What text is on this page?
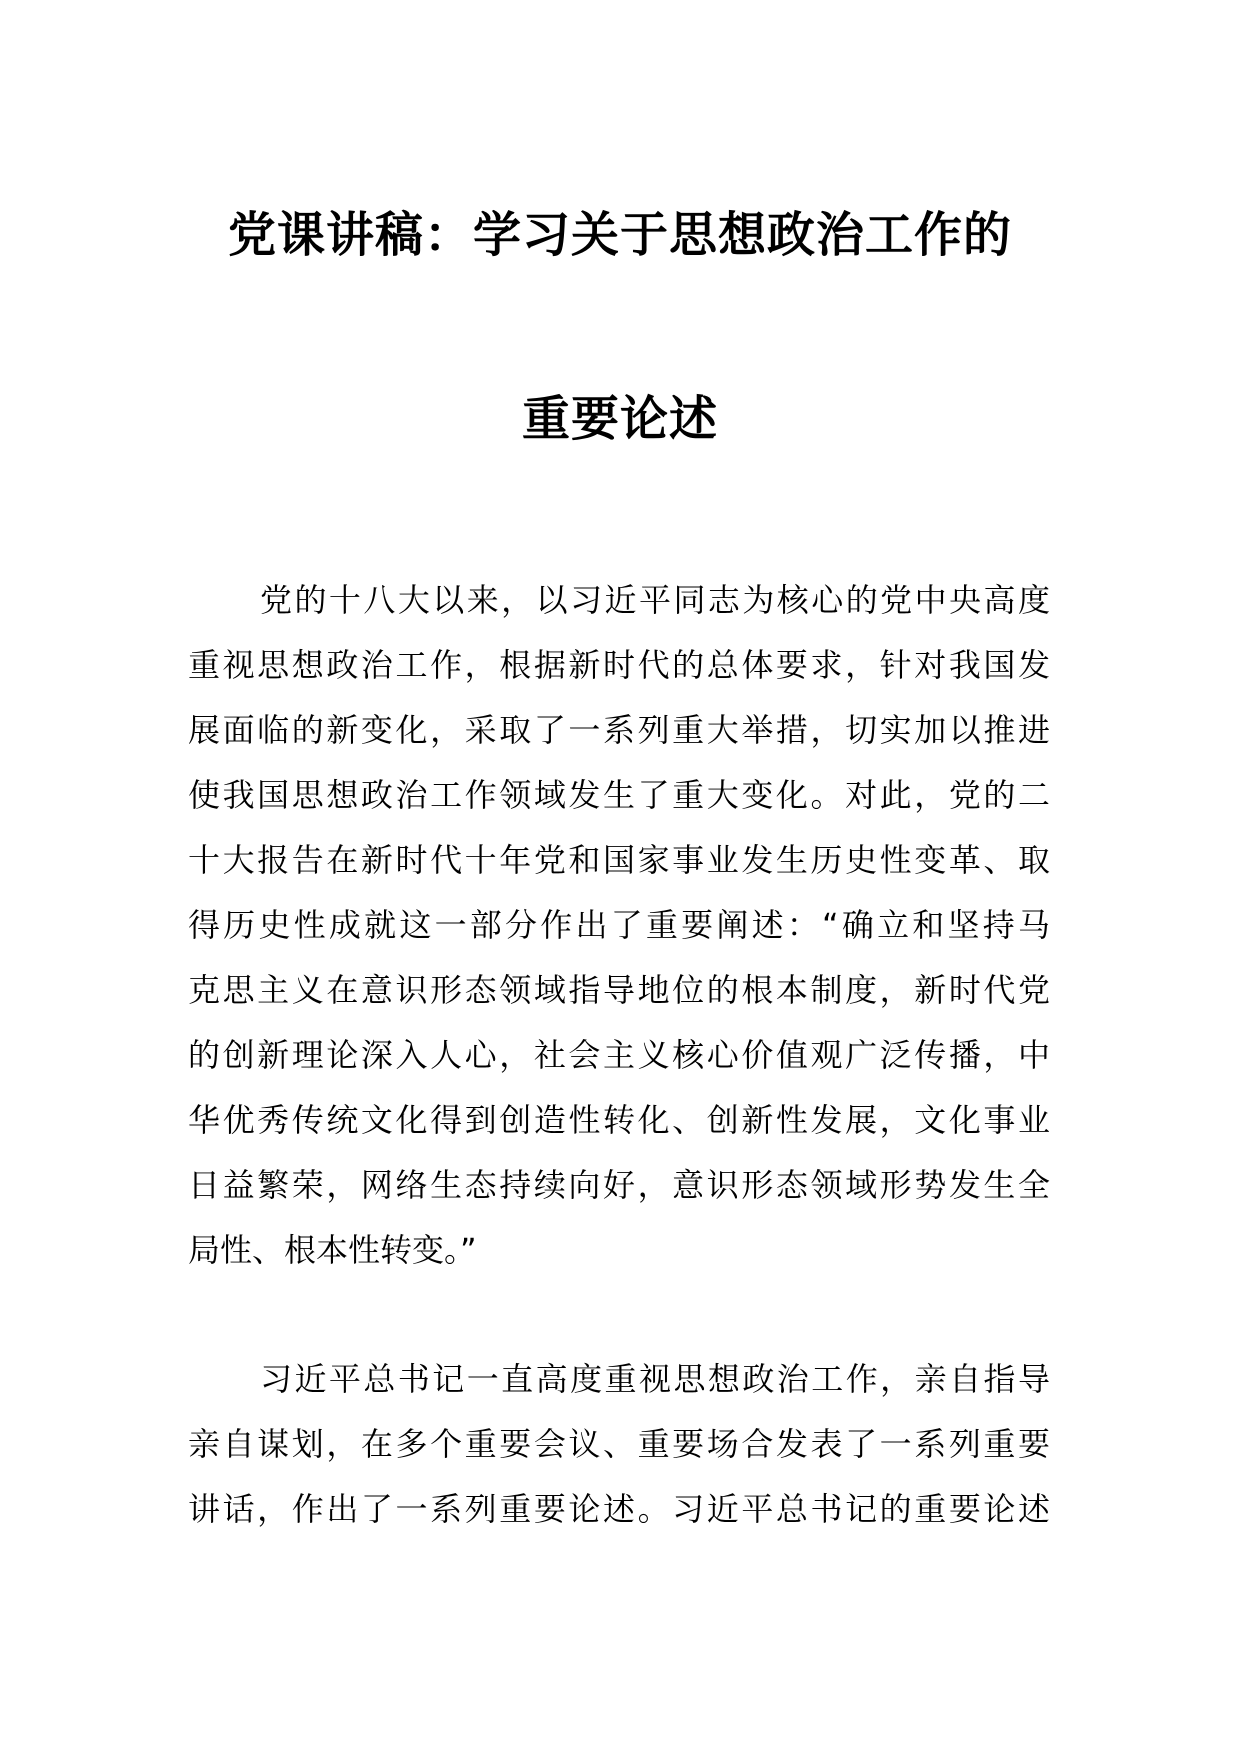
党课讲稿：学习关于思想政治工作的
重要论述
党的十八大以来，以习近平同志为核心的党中央高度
重视思想政治工作，根据新时代的总体要求，针对我国发
展面临的新变化，采取了一系列重大举措，切实加以推进
使我国思想政治工作领域发生了重大变化。对此，党的二
十大报告在新时代十年党和国家事业发生历史性变革、取
得历史性成就这一部分作出了重要阐述：“确立和坚持马
克思主义在意识形态领域指导地位的根本制度，新时代党
的创新理论深入人心，社会主义核心价值观广泛传播，中
华优秀传统文化得到创造性转化、创新性发展，文化事业
日益繁荣，网络生态持续向好，意识形态领域形势发生全
局性、根本性转变。”
习近平总书记一直高度重视思想政治工作，亲自指导
亲自谋划，在多个重要会议、重要场合发表了一系列重要
讲话，作出了一系列重要论述。习近平总书记的重要论述
